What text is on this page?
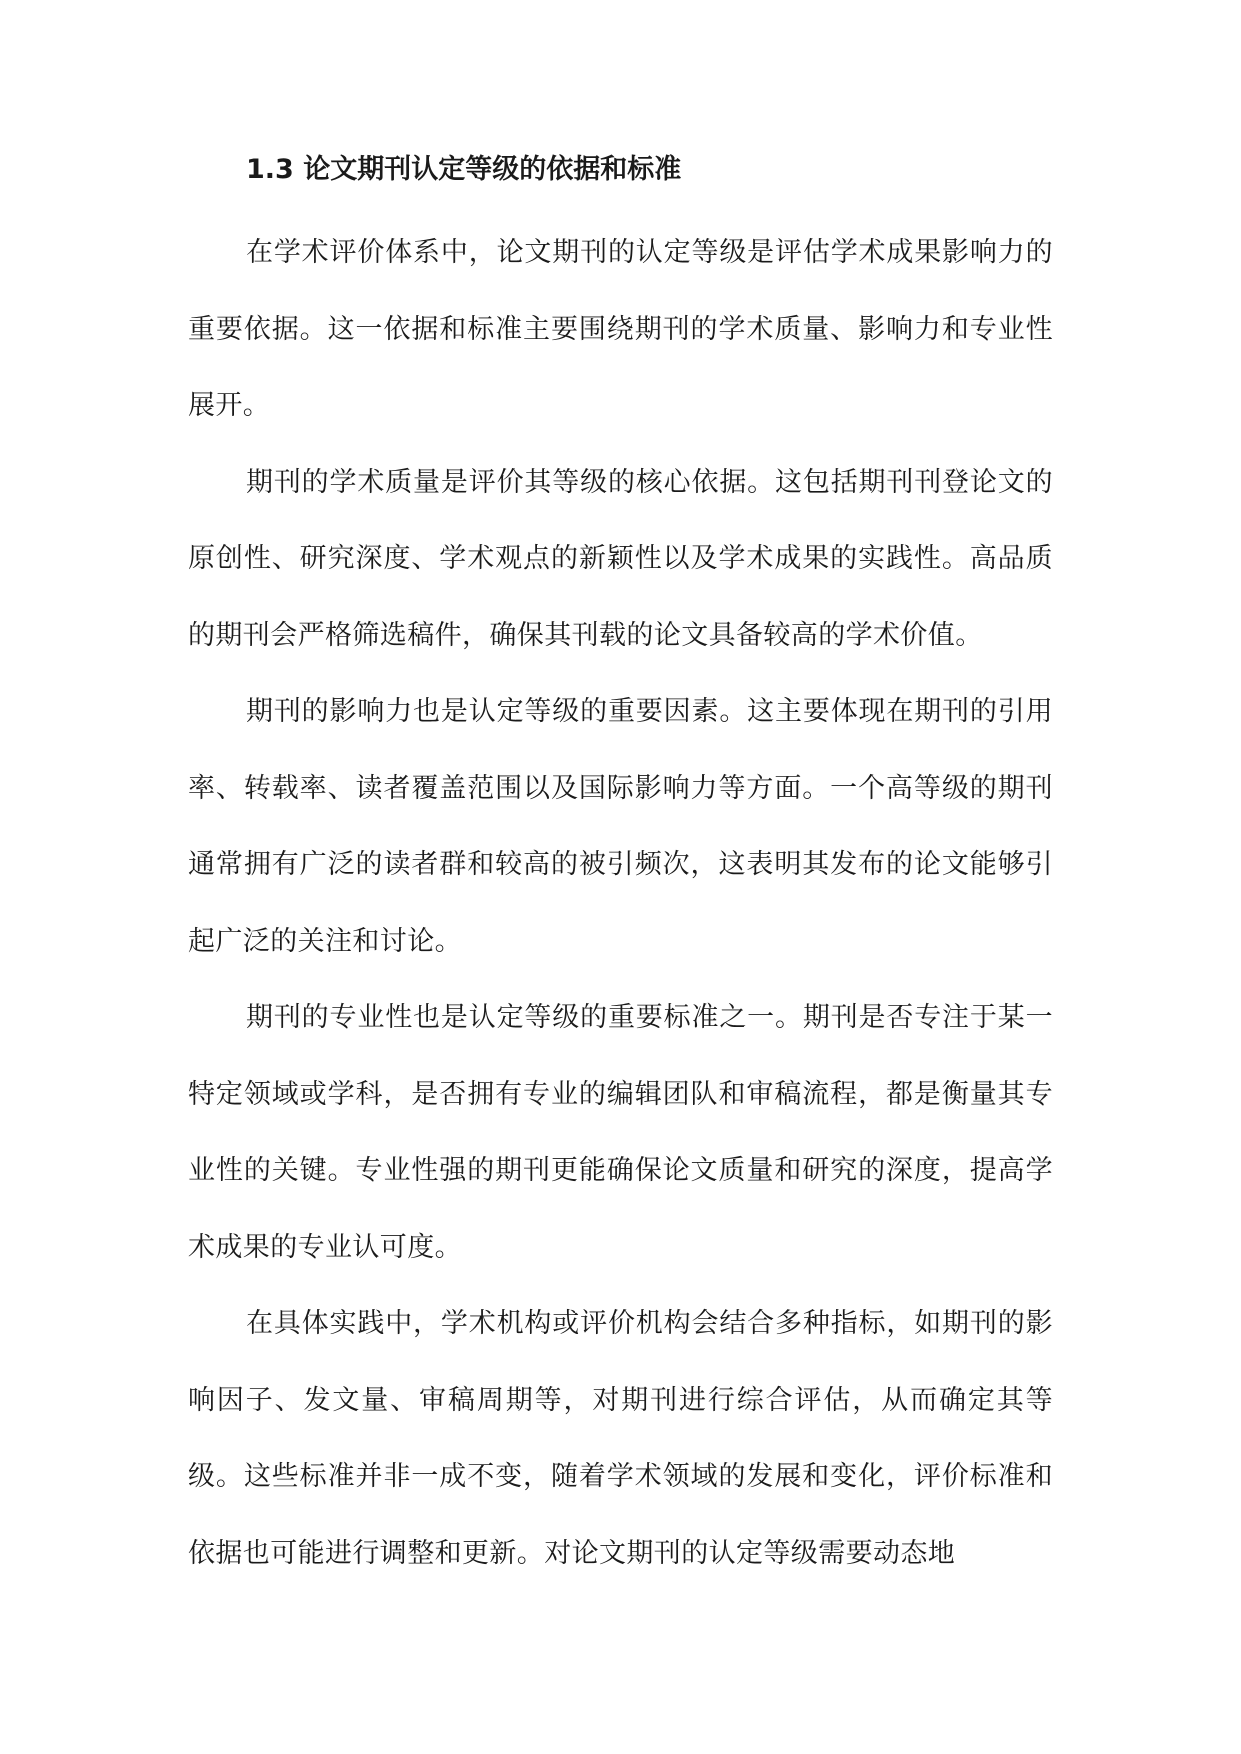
1.3 论文期刊认定等级的依据和标准

在学术评价体系中，论文期刊的认定等级是评估学术成果影响力的重要依据。这一依据和标准主要围绕期刊的学术质量、影响力和专业性展开。

期刊的学术质量是评价其等级的核心依据。这包括期刊刊登论文的原创性、研究深度、学术观点的新颖性以及学术成果的实践性。高品质的期刊会严格筛选稿件，确保其刊载的论文具备较高的学术价值。

期刊的影响力也是认定等级的重要因素。这主要体现在期刊的引用率、转载率、读者覆盖范围以及国际影响力等方面。一个高等级的期刊通常拥有广泛的读者群和较高的被引频次，这表明其发布的论文能够引起广泛的关注和讨论。

期刊的专业性也是认定等级的重要标准之一。期刊是否专注于某一特定领域或学科，是否拥有专业的编辑团队和审稿流程，都是衡量其专业性的关键。专业性强的期刊更能确保论文质量和研究的深度，提高学术成果的专业认可度。

在具体实践中，学术机构或评价机构会结合多种指标，如期刊的影响因子、发文量、审稿周期等，对期刊进行综合评估，从而确定其等级。这些标准并非一成不变，随着学术领域的发展和变化，评价标准和依据也可能进行调整和更新。对论文期刊的认定等级需要动态地
